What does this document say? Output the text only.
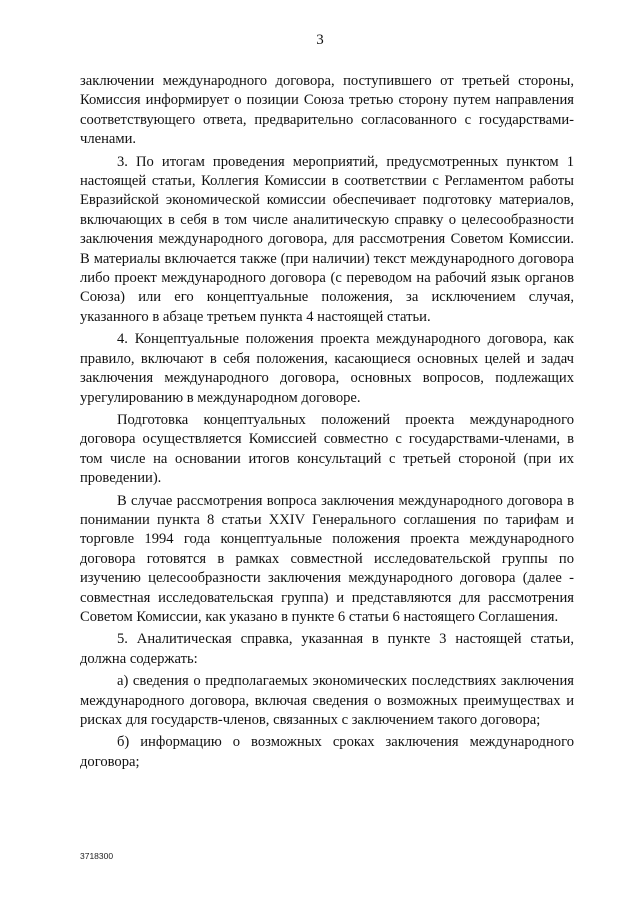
3

заключении международного договора, поступившего от третьей стороны, Комиссия информирует о позиции Союза третью сторону путем направления соответствующего ответа, предварительно согласованного с государствами-членами.

3. По итогам проведения мероприятий, предусмотренных пунктом 1 настоящей статьи, Коллегия Комиссии в соответствии с Регламентом работы Евразийской экономической комиссии обеспечивает подготовку материалов, включающих в себя в том числе аналитическую справку о целесообразности заключения международного договора, для рассмотрения Советом Комиссии. В материалы включается также (при наличии) текст международного договора либо проект международного договора (с переводом на рабочий язык органов Союза) или его концептуальные положения, за исключением случая, указанного в абзаце третьем пункта 4 настоящей статьи.

4. Концептуальные положения проекта международного договора, как правило, включают в себя положения, касающиеся основных целей и задач заключения международного договора, основных вопросов, подлежащих урегулированию в международном договоре.

Подготовка концептуальных положений проекта международного договора осуществляется Комиссией совместно с государствами-членами, в том числе на основании итогов консультаций с третьей стороной (при их проведении).

В случае рассмотрения вопроса заключения международного договора в понимании пункта 8 статьи XXIV Генерального соглашения по тарифам и торговле 1994 года концептуальные положения проекта международного договора готовятся в рамках совместной исследовательской группы по изучению целесообразности заключения международного договора (далее - совместная исследовательская группа) и представляются для рассмотрения Советом Комиссии, как указано в пункте 6 статьи 6 настоящего Соглашения.

5. Аналитическая справка, указанная в пункте 3 настоящей статьи, должна содержать:

а) сведения о предполагаемых экономических последствиях заключения международного договора, включая сведения о возможных преимуществах и рисках для государств-членов, связанных с заключением такого договора;

б) информацию о возможных сроках заключения международного договора;

3718300
